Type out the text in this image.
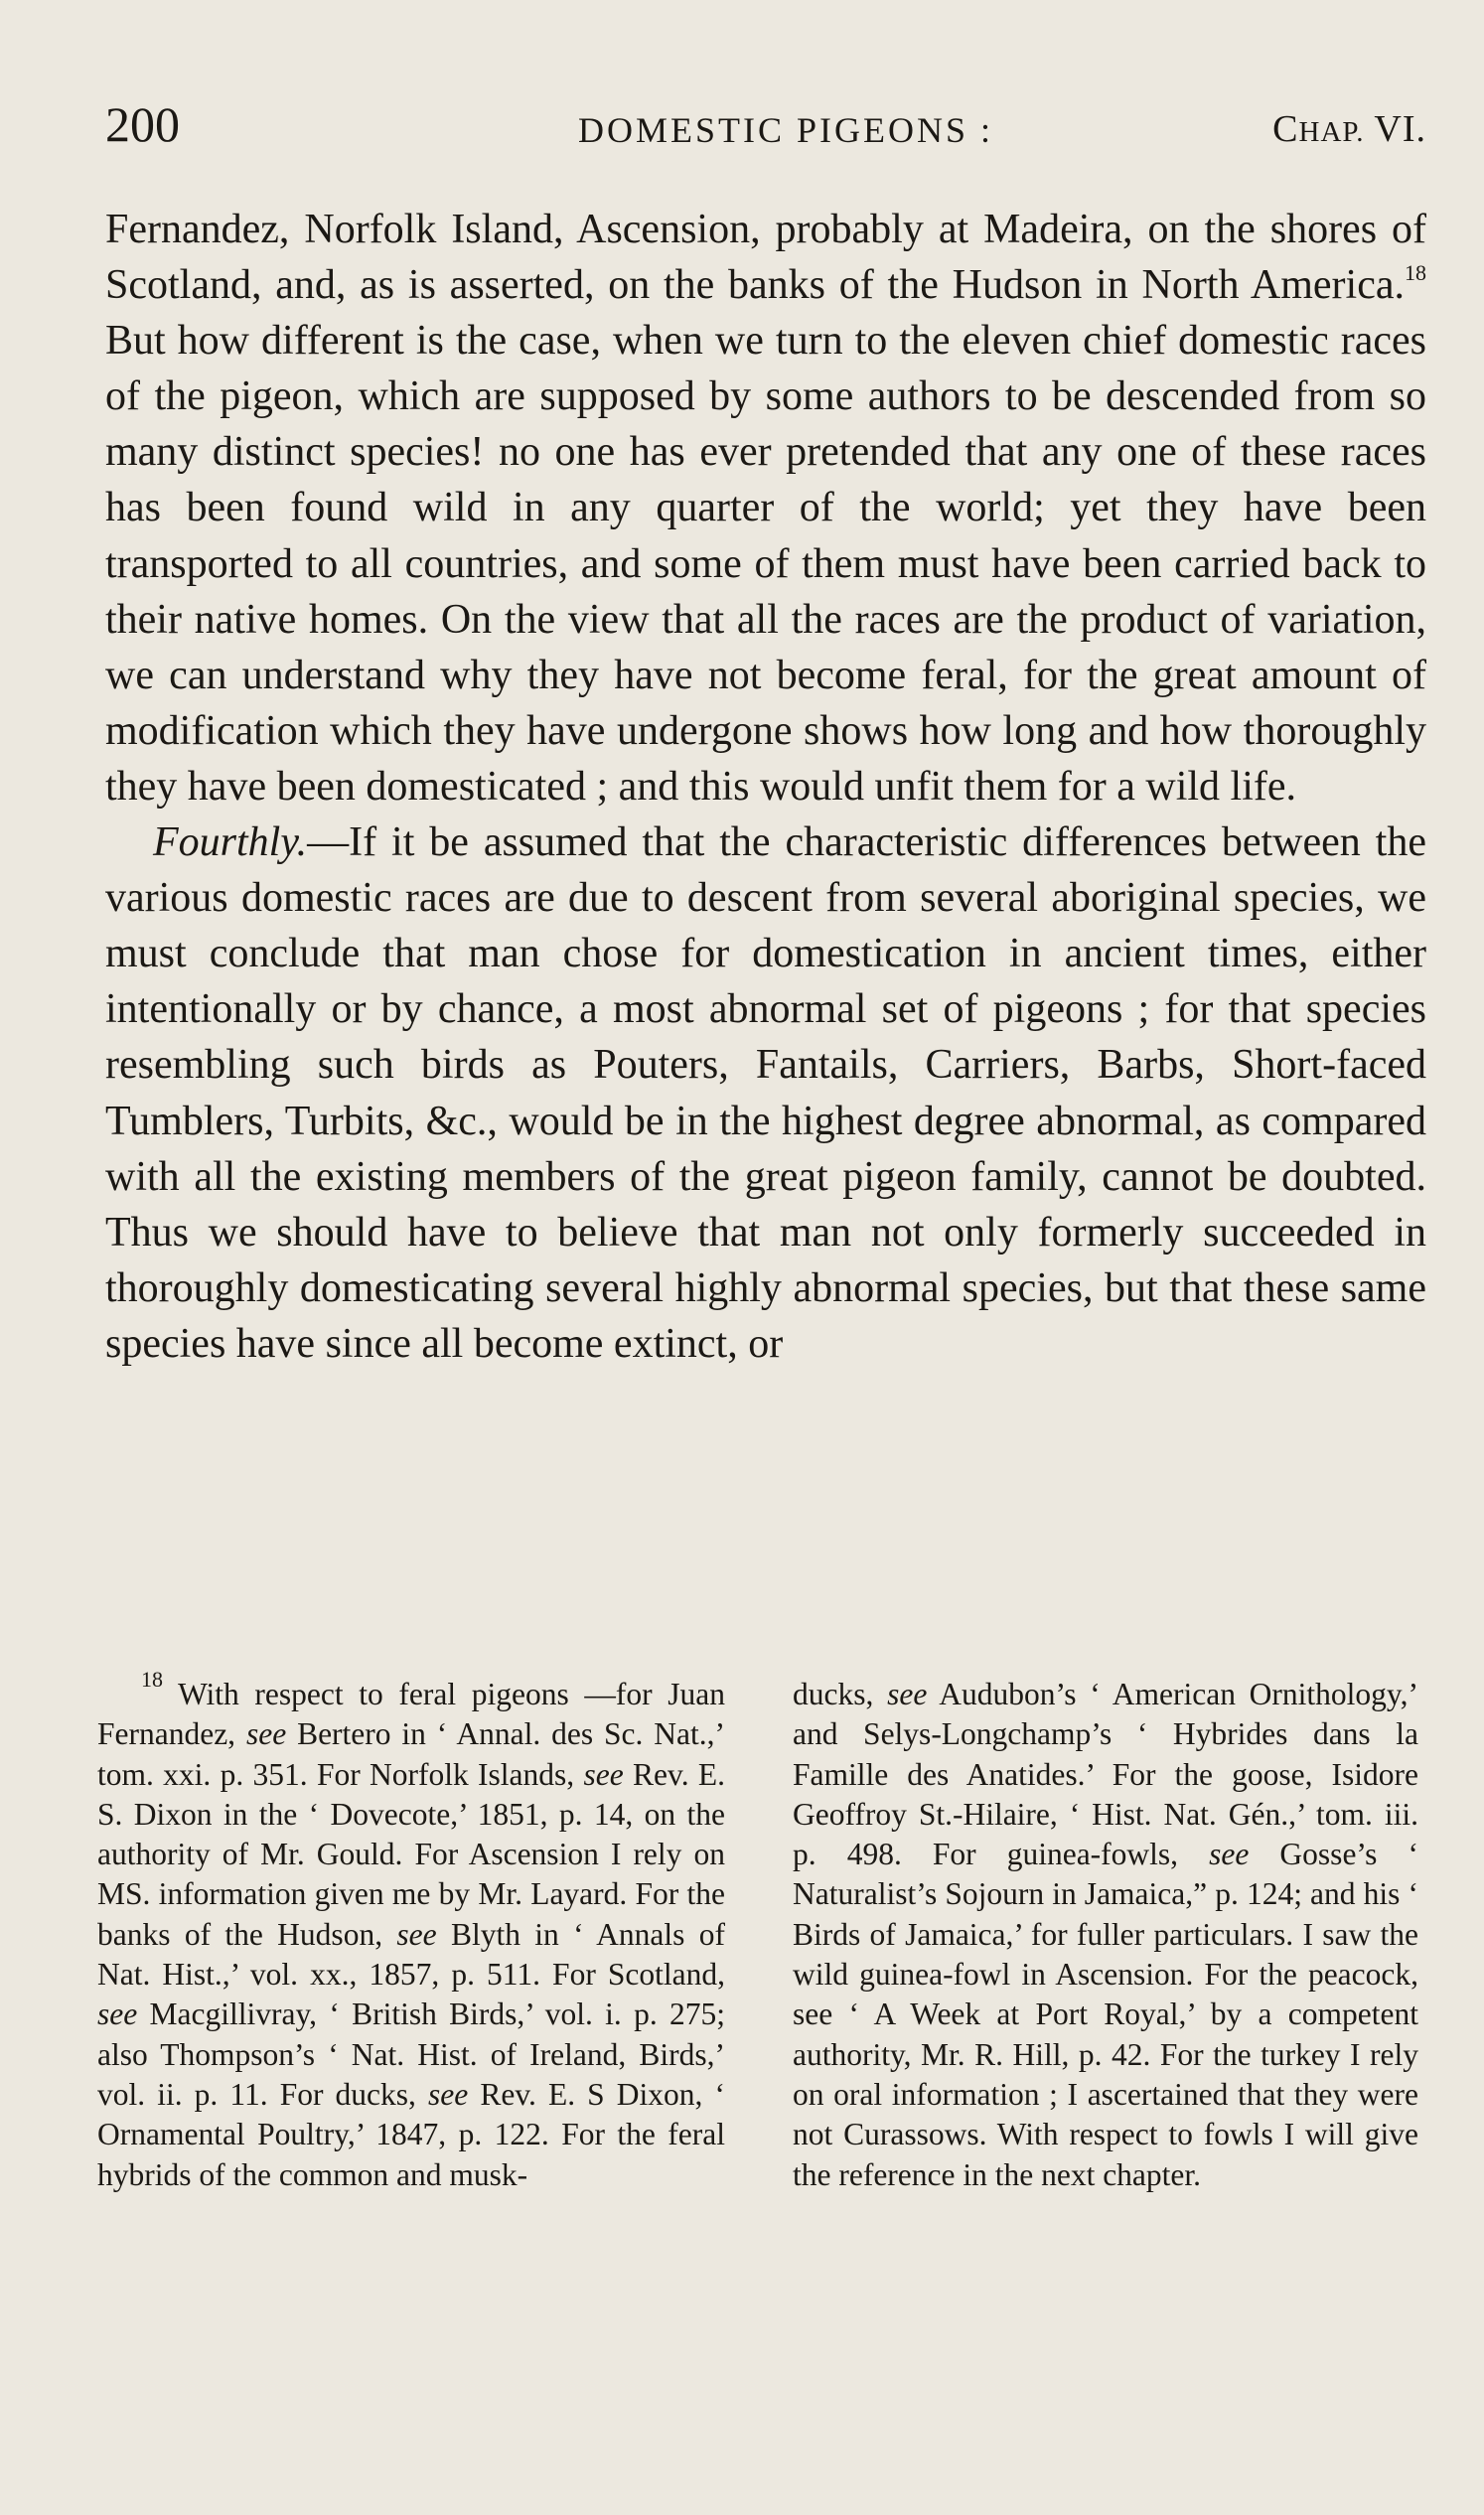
200	DOMESTIC PIGEONS :	CHAP. VI.

Fernandez, Norfolk Island, Ascension, probably at Madeira, on the shores of Scotland, and, as is asserted, on the banks of the Hudson in North America.$^{18}$ But how different is the case, when we turn to the eleven chief domestic races of the pigeon, which are supposed by some authors to be descended from so many distinct species! no one has ever pretended that any one of these races has been found wild in any quarter of the world; yet they have been transported to all countries, and some of them must have been carried back to their native homes. On the view that all the races are the product of variation, we can understand why they have not become feral, for the great amount of modification which they have undergone shows how long and how thoroughly they have been domesticated ; and this would unfit them for a wild life.

Fourthly.—If it be assumed that the characteristic differences between the various domestic races are due to descent from several aboriginal species, we must conclude that man chose for domestication in ancient times, either intentionally or by chance, a most abnormal set of pigeons ; for that species resembling such birds as Pouters, Fantails, Carriers, Barbs, Short-faced Tumblers, Turbits, &c., would be in the highest degree abnormal, as compared with all the existing members of the great pigeon family, cannot be doubted. Thus we should have to believe that man not only formerly succeeded in thoroughly domesticating several highly abnormal species, but that these same species have since all become extinct, or

$^{18}$ With respect to feral pigeons —for Juan Fernandez, see Bertero in ‘ Annal. des Sc. Nat.,’ tom. xxi. p. 351. For Norfolk Islands, see Rev. E. S. Dixon in the ‘ Dovecote,’ 1851, p. 14, on the authority of Mr. Gould. For Ascension I rely on MS. information given me by Mr. Layard. For the banks of the Hudson, see Blyth in ‘ Annals of Nat. Hist.,’ vol. xx., 1857, p. 511. For Scotland, see Macgillivray, ‘ British Birds,’ vol. i. p. 275; also Thompson’s ‘ Nat. Hist. of Ireland, Birds,’ vol. ii. p. 11. For ducks, see Rev. E. S Dixon, ‘ Ornamental Poultry,’ 1847, p. 122. For the feral hybrids of the common and musk-

ducks, see Audubon’s ‘ American Ornithology,’ and Selys-Longchamp’s ‘ Hybrides dans la Famille des Anatides.’ For the goose, Isidore Geoffroy St.-Hilaire, ‘ Hist. Nat. Gén.,’ tom. iii. p. 498. For guinea-fowls, see Gosse’s ‘ Naturalist’s Sojourn in Jamaica,” p. 124; and his ‘ Birds of Jamaica,’ for fuller particulars. I saw the wild guinea-fowl in Ascension. For the peacock, see ‘ A Week at Port Royal,’ by a competent authority, Mr. R. Hill, p. 42. For the turkey I rely on oral information ; I ascertained that they were not Curassows. With respect to fowls I will give the reference in the next chapter.
